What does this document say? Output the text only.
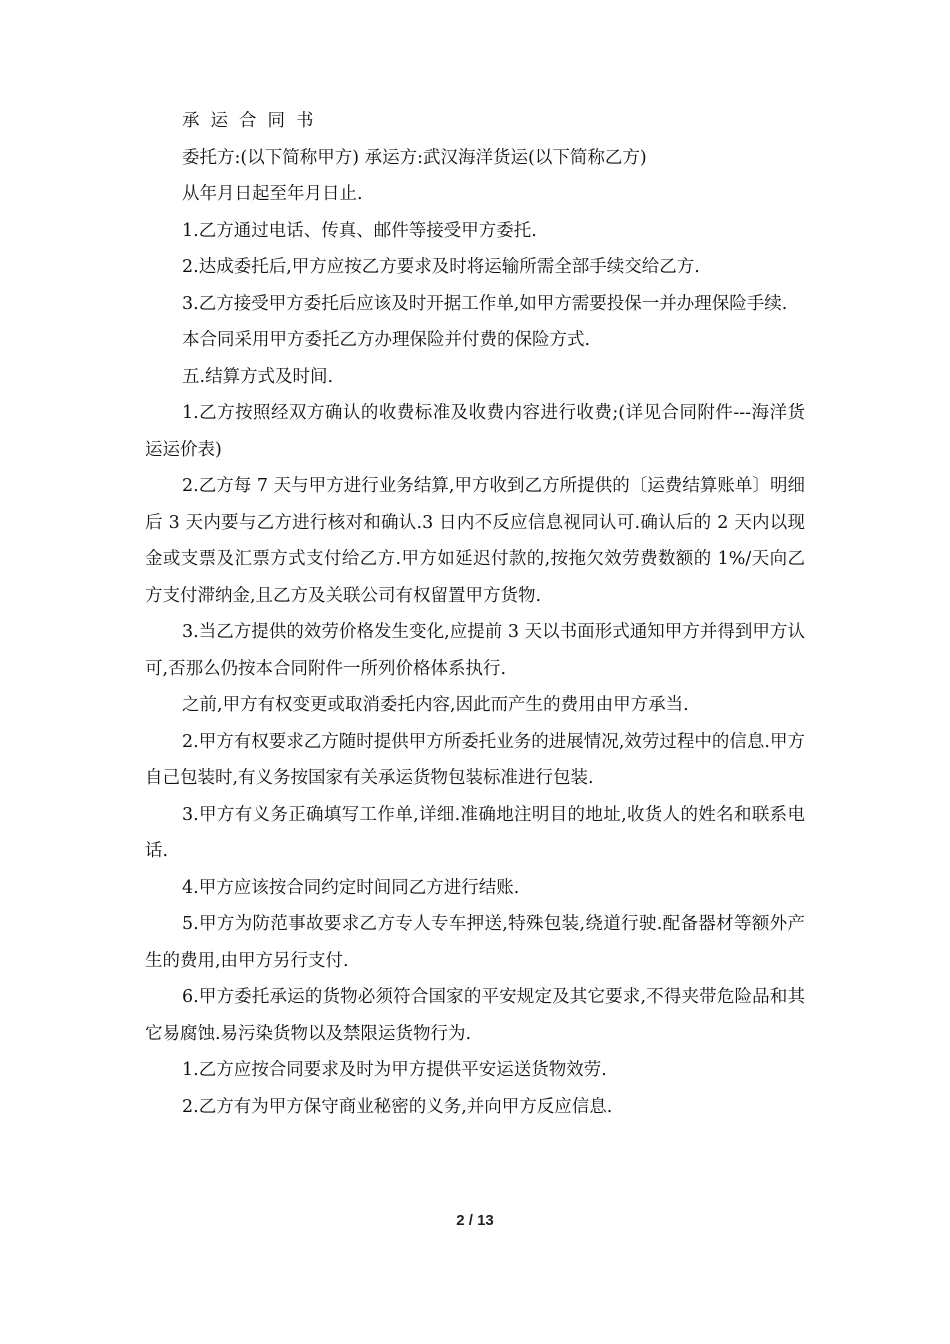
承运合同书

委托方:(以下简称甲方) 承运方:武汉海洋货运(以下简称乙方)

从年月日起至年月日止.

1.乙方通过电话、传真、邮件等接受甲方委托.

2.达成委托后,甲方应按乙方要求及时将运输所需全部手续交给乙方.

3.乙方接受甲方委托后应该及时开据工作单,如甲方需要投保一并办理保险手续.

本合同采用甲方委托乙方办理保险并付费的保险方式.

五.结算方式及时间.

1.乙方按照经双方确认的收费标准及收费内容进行收费;(详见合同附件---海洋货运运价表)

2.乙方每 7 天与甲方进行业务结算,甲方收到乙方所提供的〔运费结算账单〕明细后 3 天内要与乙方进行核对和确认.3 日内不反应信息视同认可.确认后的 2 天内以现金或支票及汇票方式支付给乙方.甲方如延迟付款的,按拖欠效劳费数额的 1%/天向乙方支付滞纳金,且乙方及关联公司有权留置甲方货物.

3.当乙方提供的效劳价格发生变化,应提前 3 天以书面形式通知甲方并得到甲方认可,否那么仍按本合同附件一所列价格体系执行.

之前,甲方有权变更或取消委托内容,因此而产生的费用由甲方承当.

2.甲方有权要求乙方随时提供甲方所委托业务的进展情况,效劳过程中的信息.甲方自己包装时,有义务按国家有关承运货物包装标准进行包装.

3.甲方有义务正确填写工作单,详细.准确地注明目的地址,收货人的姓名和联系电话.

4.甲方应该按合同约定时间同乙方进行结账.

5.甲方为防范事故要求乙方专人专车押送,特殊包装,绕道行驶.配备器材等额外产生的费用,由甲方另行支付.

6.甲方委托承运的货物必须符合国家的平安规定及其它要求,不得夹带危险品和其它易腐蚀.易污染货物以及禁限运货物行为.

1.乙方应按合同要求及时为甲方提供平安运送货物效劳.

2.乙方有为甲方保守商业秘密的义务,并向甲方反应信息.

2 / 13
